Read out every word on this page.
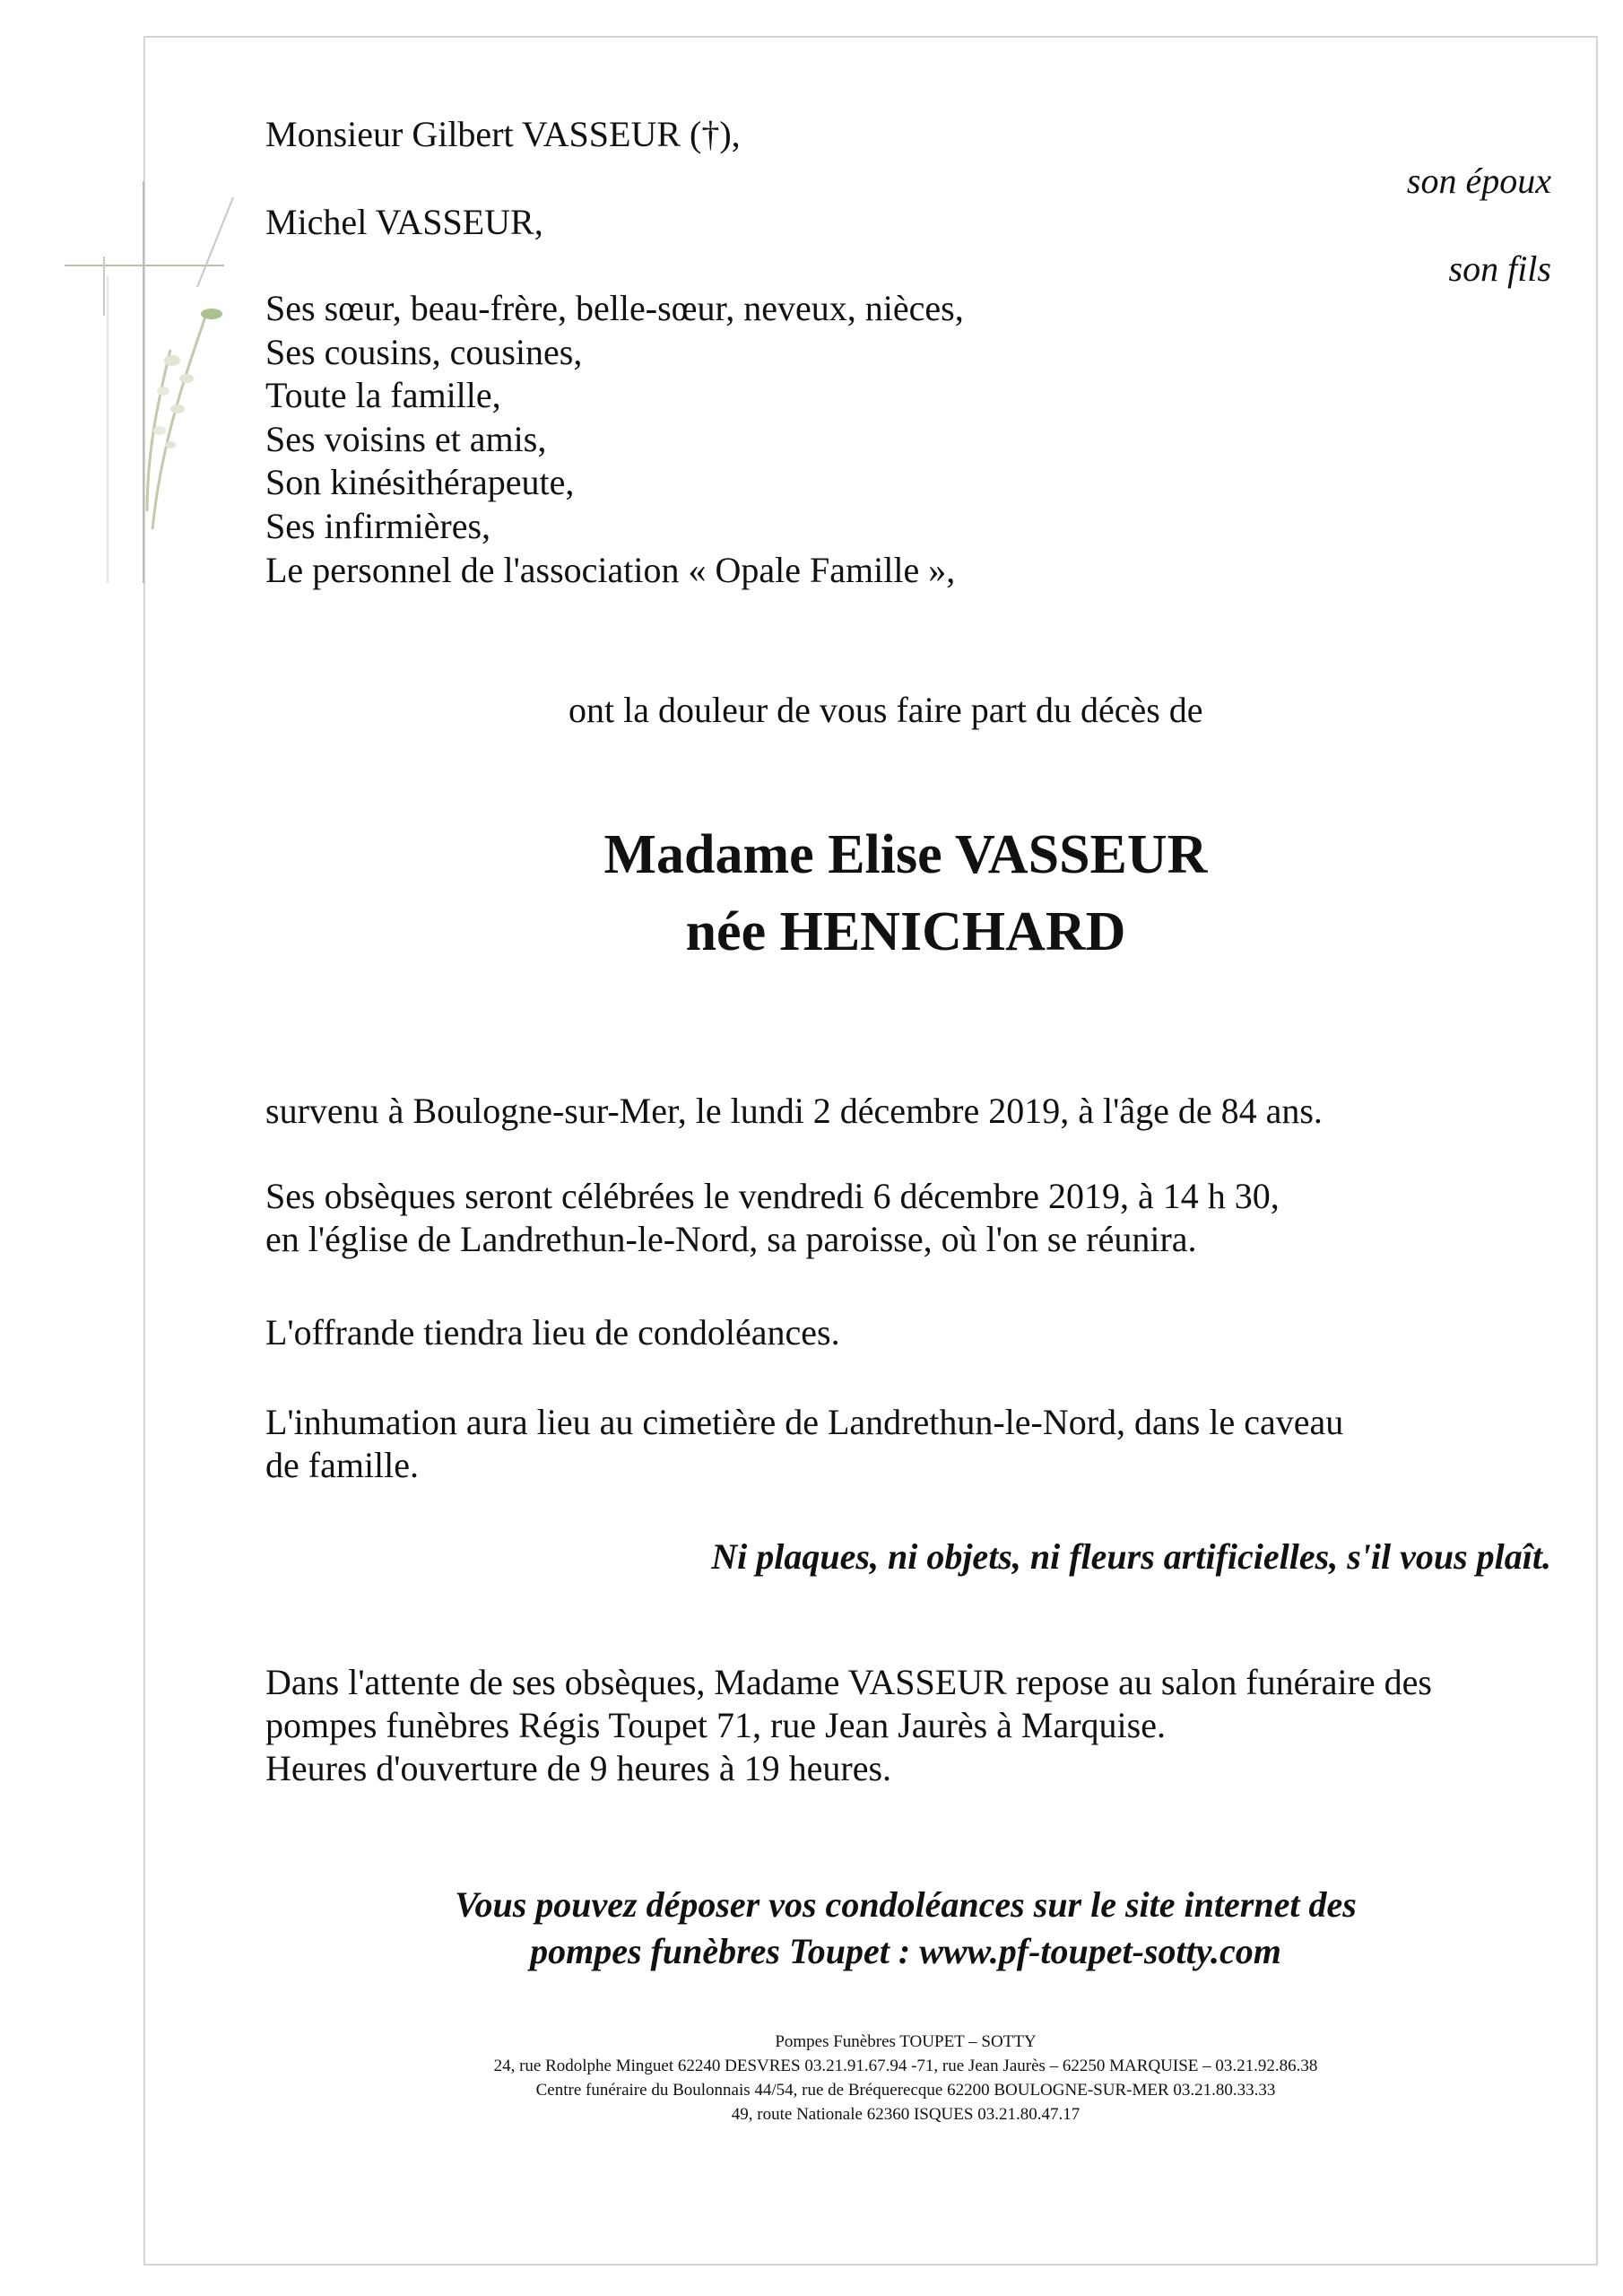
Monsieur Gilbert VASSEUR (†),
son époux
Michel VASSEUR,
son fils
Ses sœur, beau-frère, belle-sœur, neveux, nièces,
Ses cousins, cousines,
Toute la famille,
Ses voisins et amis,
Son kinésithérapeute,
Ses infirmières,
Le personnel de l'association « Opale Famille »,
ont la douleur de vous faire part du décès de
Madame Elise VASSEUR
née HENICHARD

survenu à Boulogne-sur-Mer, le lundi 2 décembre 2019, à l'âge de 84 ans.

Ses obsèques seront célébrées le vendredi 6 décembre 2019, à 14 h 30,
en l'église de Landrethun-le-Nord, sa paroisse, où l'on se réunira.

L'offrande tiendra lieu de condoléances.

L'inhumation aura lieu au cimetière de Landrethun-le-Nord, dans le caveau
de famille.

Ni plaques, ni objets, ni fleurs artificielles, s'il vous plaît.

Dans l'attente de ses obsèques, Madame VASSEUR repose au salon funéraire des
pompes funèbres Régis Toupet 71, rue Jean Jaurès à Marquise.
Heures d'ouverture de 9 heures à 19 heures.

Vous pouvez déposer vos condoléances sur le site internet des
pompes funèbres Toupet : www.pf-toupet-sotty.com

Pompes Funèbres TOUPET – SOTTY
24, rue Rodolphe Minguet 62240 DESVRES 03.21.91.67.94 -71, rue Jean Jaurès – 62250 MARQUISE – 03.21.92.86.38
Centre funéraire du Boulonnais 44/54, rue de Bréquerecque 62200 BOULOGNE-SUR-MER 03.21.80.33.33
49, route Nationale 62360 ISQUES 03.21.80.47.17
